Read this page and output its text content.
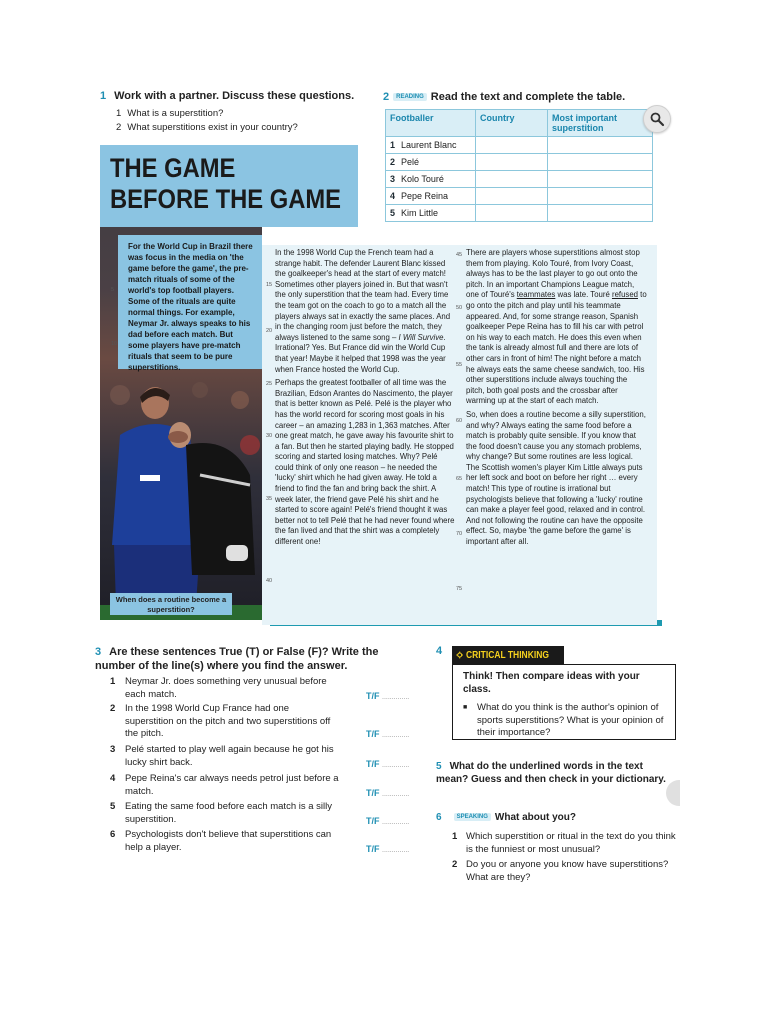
1 Work with a partner. Discuss these questions.
1 What is a superstition?
2 What superstitions exist in your country?
2 READING Read the text and complete the table.
Footballer	Country	Most important superstition
1 Laurent Blanc		
2 Pelé		
3 Kolo Touré		
4 Pepe Reina		
5 Kim Little		
THE GAME
BEFORE THE GAME
For the World Cup in Brazil there was focus in the media on 'the game before the game', the pre-match rituals of some of the world's top football players. Some of the rituals are quite normal things. For example, Neymar Jr. always speaks to his dad before each match. But some players have pre-match rituals that seem to be pure superstitions.
When does a routine become a superstition?

In the 1998 World Cup the French team had a strange habit. The defender Laurent Blanc kissed the goalkeeper's head at the start of every match! Sometimes other players joined in. But that wasn't the only superstition that the team had. Every time the team got on the coach to go to a match all the players always sat in exactly the same places. And in the changing room just before the match, they always listened to the same song – I Will Survive. Irrational? Yes. But France did win the World Cup that year! Maybe it helped that 1998 was the year when France hosted the World Cup.

Perhaps the greatest footballer of all time was the Brazilian, Edson Arantes do Nascimento, the player that is better known as Pelé. Pelé is the player who has the world record for scoring most goals in his career – an amazing 1,283 in 1,363 matches. After one great match, he gave away his favourite shirt to a fan. But then he started playing badly. He stopped scoring and started losing matches. Why? Pelé could think of only one reason – he needed the 'lucky' shirt which he had given away. He told a friend to find the fan and bring back the shirt. A week later, the friend gave Pelé his shirt and he started to score again! Pelé's friend thought it was better not to tell Pelé that he had never found where the fan lived and that the shirt was a completely different one!

There are players whose superstitions almost stop them from playing. Kolo Touré, from Ivory Coast, always has to be the last player to go out onto the pitch. In an important Champions League match, one of Touré's teammates was late. Touré refused to go onto the pitch and play until his teammate appeared. And, for some strange reason, Spanish goalkeeper Pepe Reina has to fill his car with petrol on his way to each match. He does this even when the tank is already almost full and there are lots of other cars in front of him! The night before a match he always eats the same cheese sandwich, too. His other superstitions include always touching the pitch, both goal posts and the crossbar after warming up at the start of each match.

So, when does a routine become a silly superstition, and why? Always eating the same food before a match is probably quite sensible. If you know that the food doesn't cause you any stomach problems, why change? But some routines are less logical. The Scottish women's player Kim Little always puts her left sock and boot on before her right … every match! This type of routine is irrational but psychologists believe that following a 'lucky' routine can make a player feel good, relaxed and in control. And not following the routine can have the opposite effect. So, maybe 'the game before the game' is important after all.

5
10
15
20
25
30
35
40
45
50
55
60
65
70
75
3 Are these sentences True (T) or False (F)? Write the number of the line(s) where you find the answer.
1 Neymar Jr. does something very unusual before each match.	T/F ..............
2 In the 1998 World Cup France had one superstition on the pitch and two superstitions off the pitch.	T/F ..............
3 Pelé started to play well again because he got his lucky shirt back.	T/F ..............
4 Pepe Reina's car always needs petrol just before a match.	T/F ..............
5 Eating the same food before each match is a silly superstition.	T/F ..............
6 Psychologists don't believe that superstitions can help a player.	T/F ..............
4 CRITICAL THINKING
Think! Then compare ideas with your class.
■ What do you think is the author's opinion of sports superstitions? What is your opinion of their importance?
5 What do the underlined words in the text mean? Guess and then check in your dictionary.
6	SPEAKING What about you?
1 Which superstition or ritual in the text do you think is the funniest or most unusual?
2 Do you or anyone you know have superstitions? What are they?
